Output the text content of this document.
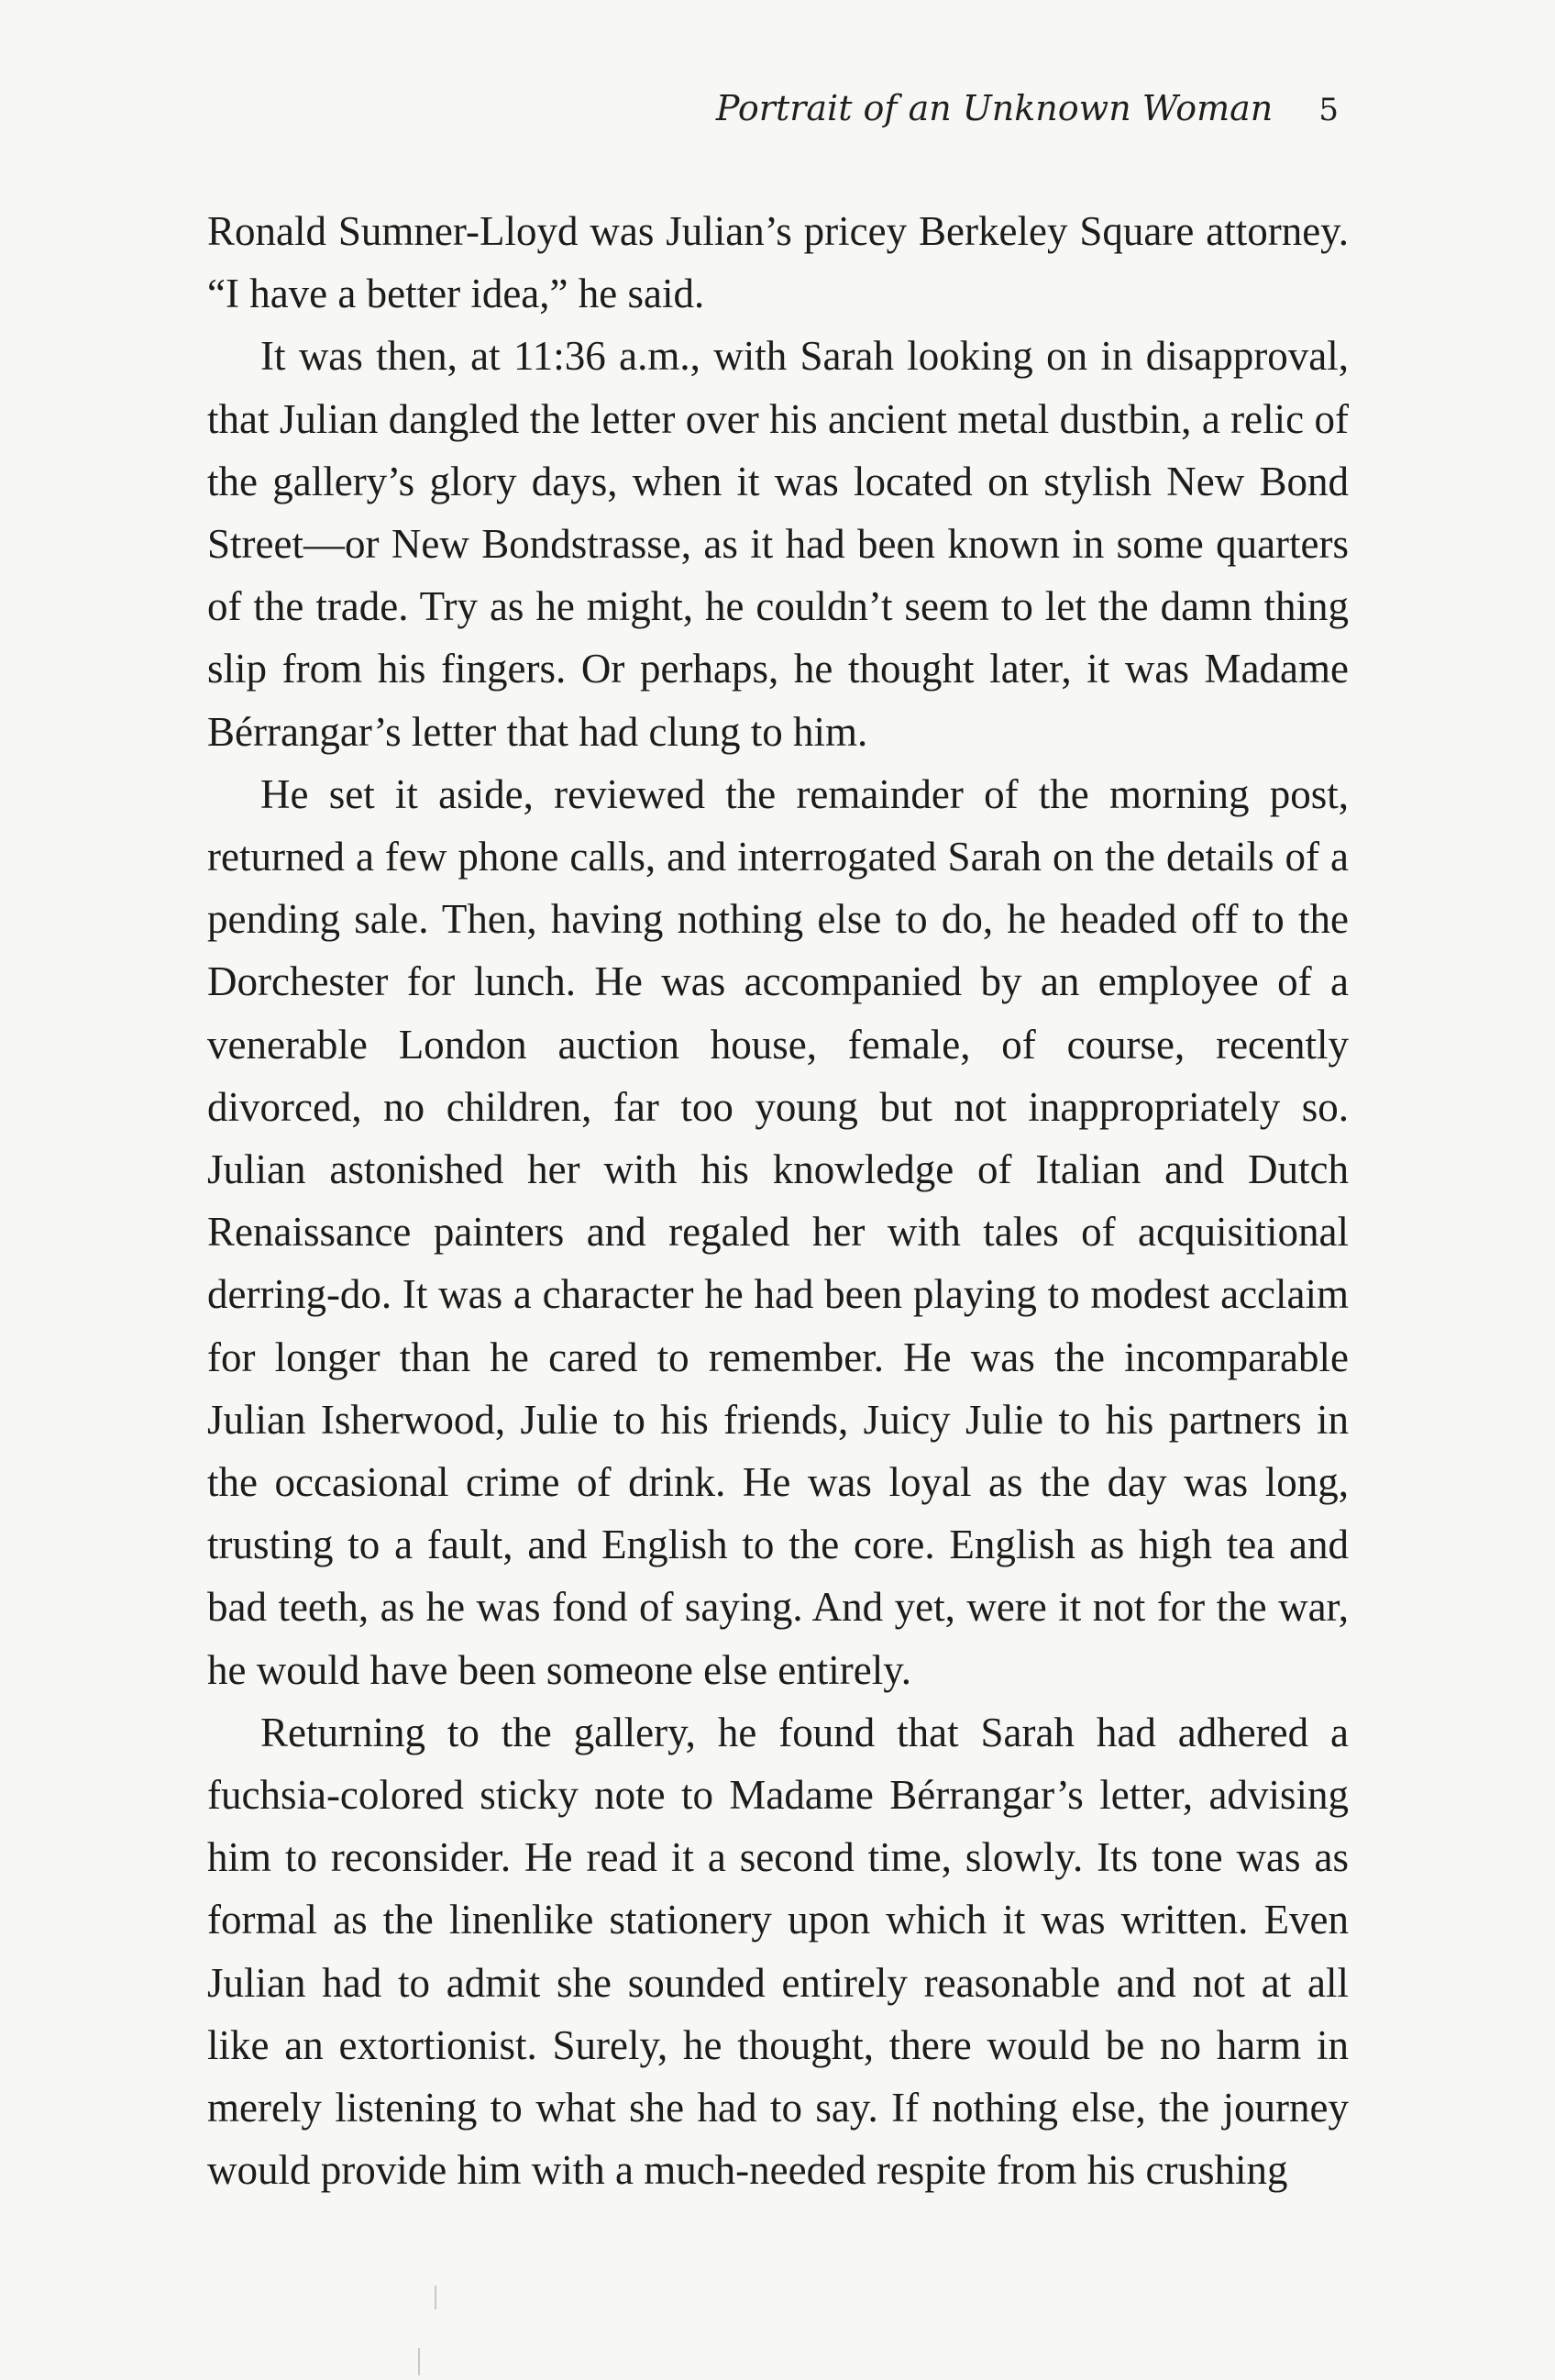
Portrait of an Unknown Woman 5

Ronald Sumner-Lloyd was Julian’s pricey Berkeley Square attorney. “I have a better idea,” he said.

It was then, at 11:36 a.m., with Sarah looking on in disapproval, that Julian dangled the letter over his ancient metal dustbin, a relic of the gallery’s glory days, when it was located on stylish New Bond Street—or New Bondstrasse, as it had been known in some quarters of the trade. Try as he might, he couldn’t seem to let the damn thing slip from his fingers. Or perhaps, he thought later, it was Madame Bérrangar’s letter that had clung to him.

He set it aside, reviewed the remainder of the morning post, returned a few phone calls, and interrogated Sarah on the details of a pending sale. Then, having nothing else to do, he headed off to the Dorchester for lunch. He was accompanied by an employee of a venerable London auction house, female, of course, recently divorced, no children, far too young but not inappropriately so. Julian astonished her with his knowledge of Italian and Dutch Renaissance painters and regaled her with tales of acquisitional derring-do. It was a character he had been playing to modest acclaim for longer than he cared to remember. He was the incomparable Julian Isherwood, Julie to his friends, Juicy Julie to his partners in the occasional crime of drink. He was loyal as the day was long, trusting to a fault, and English to the core. English as high tea and bad teeth, as he was fond of saying. And yet, were it not for the war, he would have been someone else entirely.

Returning to the gallery, he found that Sarah had adhered a fuchsia-colored sticky note to Madame Bérrangar’s letter, advising him to reconsider. He read it a second time, slowly. Its tone was as formal as the linenlike stationery upon which it was written. Even Julian had to admit she sounded entirely reasonable and not at all like an extortionist. Surely, he thought, there would be no harm in merely listening to what she had to say. If nothing else, the journey would provide him with a much-needed respite from his crushing
